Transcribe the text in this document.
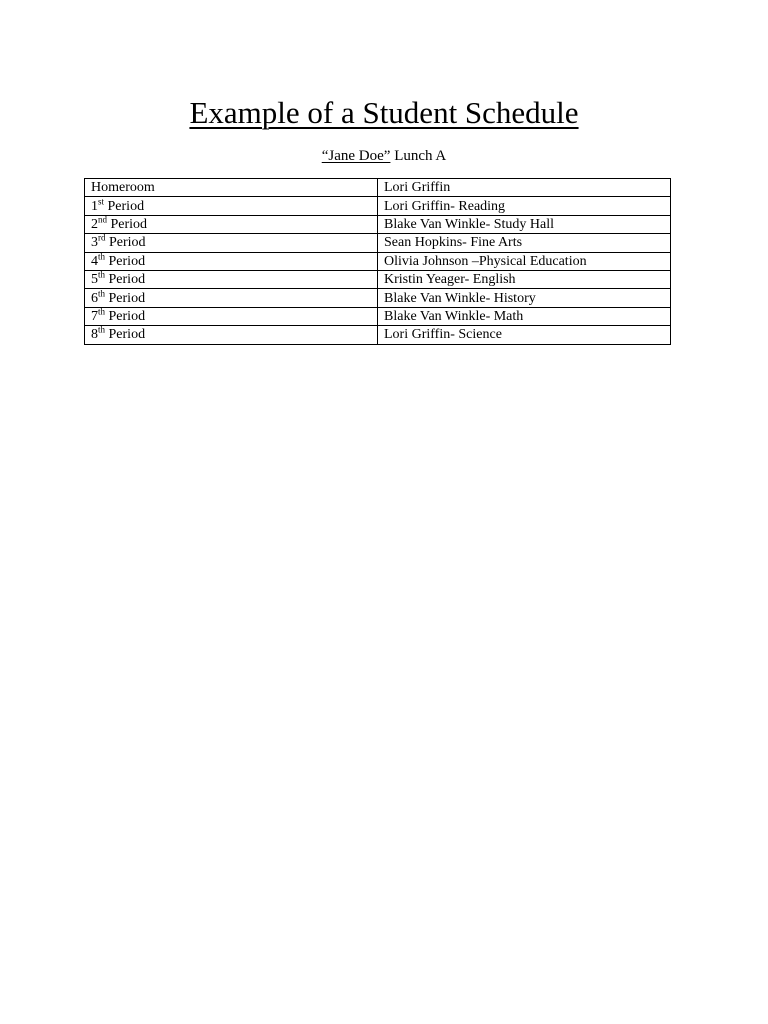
Example of a Student Schedule
“Jane Doe” Lunch A
Homeroom	Lori Griffin
1st Period	Lori Griffin- Reading
2nd Period	Blake Van Winkle- Study Hall
3rd Period	Sean Hopkins- Fine Arts
4th Period	Olivia Johnson –Physical Education
5th Period	Kristin Yeager- English
6th Period	Blake Van Winkle- History
7th Period	Blake Van Winkle- Math
8th Period	Lori Griffin- Science
